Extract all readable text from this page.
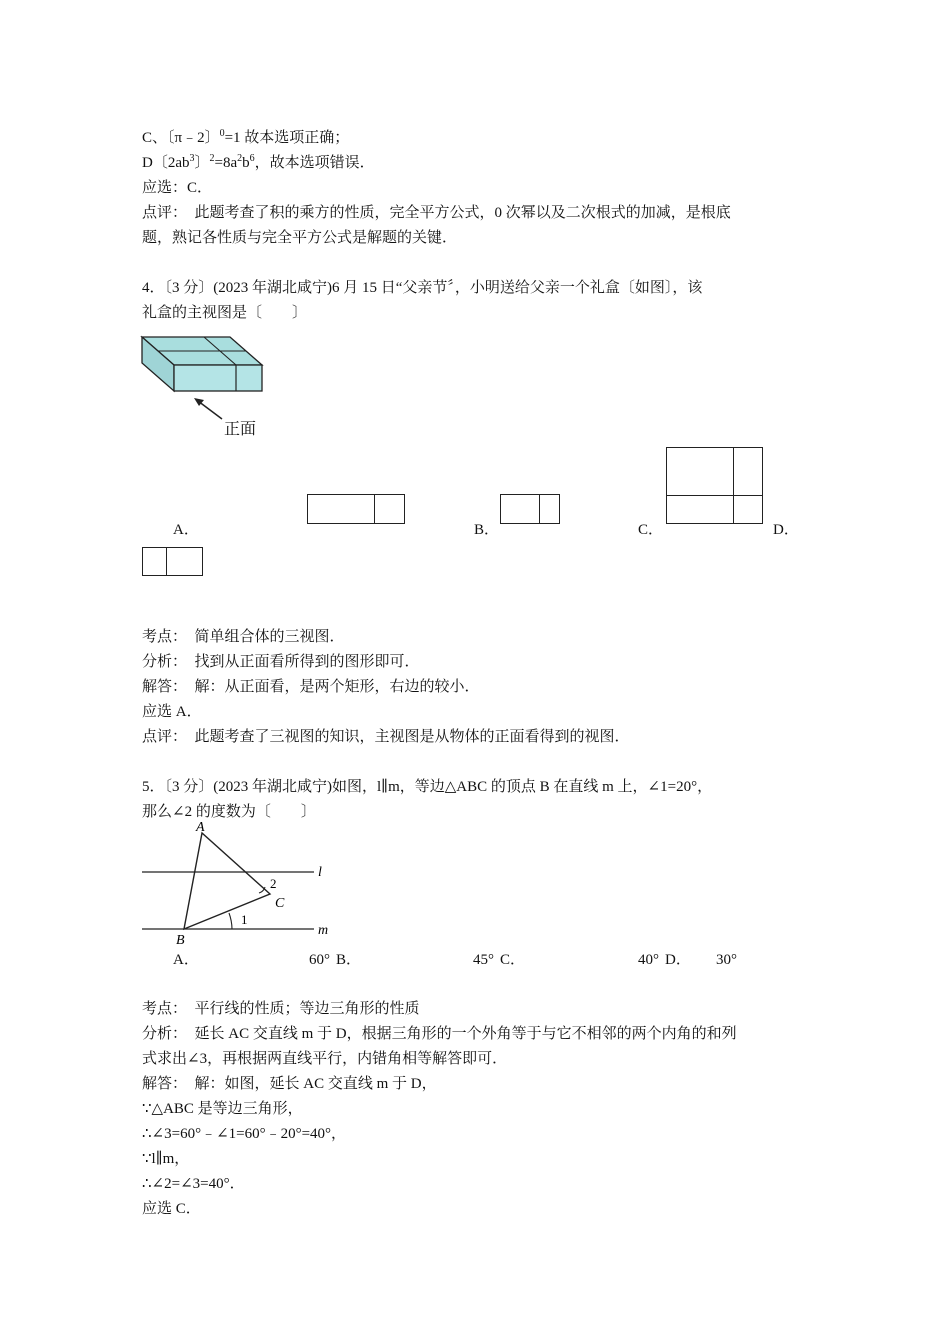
C、〔π﹣2〕$^0$=1 故本选项正确；
D〔$2ab^3$〕$^2=8a^2b^6$，故本选项错误．
应选：C．
点评：　此题考查了积的乘方的性质，完全平方公式，0 次幂以及二次根式的加减，是根底
题，熟记各性质与完全平方公式是解题的关键．
4．〔3 分〕(2023 年湖北咸宁)6 月 15 日“父亲节〞，小明送给父亲一个礼盒〔如图〕，该
礼盒的主视图是〔　　〕
正面
A．	B．	C．	D．
考点：　简单组合体的三视图．
分析：　找到从正面看所得到的图形即可．
解答：　解：从正面看，是两个矩形，右边的较小．
应选 A．
点评：　此题考查了三视图的知识，主视图是从物体的正面看得到的视图．
5．〔3 分〕(2023 年湖北咸宁)如图，l∥m，等边△ABC 的顶点 B 在直线 m 上，∠1=20°，
那么∠2 的度数为〔　　〕
A
B
C
l
m
1
2
A．	60° B．	45° C．	40° D． 30°
考点：　平行线的性质；等边三角形的性质
分析：　延长 AC 交直线 m 于 D，根据三角形的一个外角等于与它不相邻的两个内角的和列
式求出∠3，再根据两直线平行，内错角相等解答即可．
解答：　解：如图，延长 AC 交直线 m 于 D，
∵△ABC 是等边三角形，
∴∠3=60°﹣∠1=60°﹣20°=40°，
∵l∥m，
∴∠2=∠3=40°．
应选 C．
